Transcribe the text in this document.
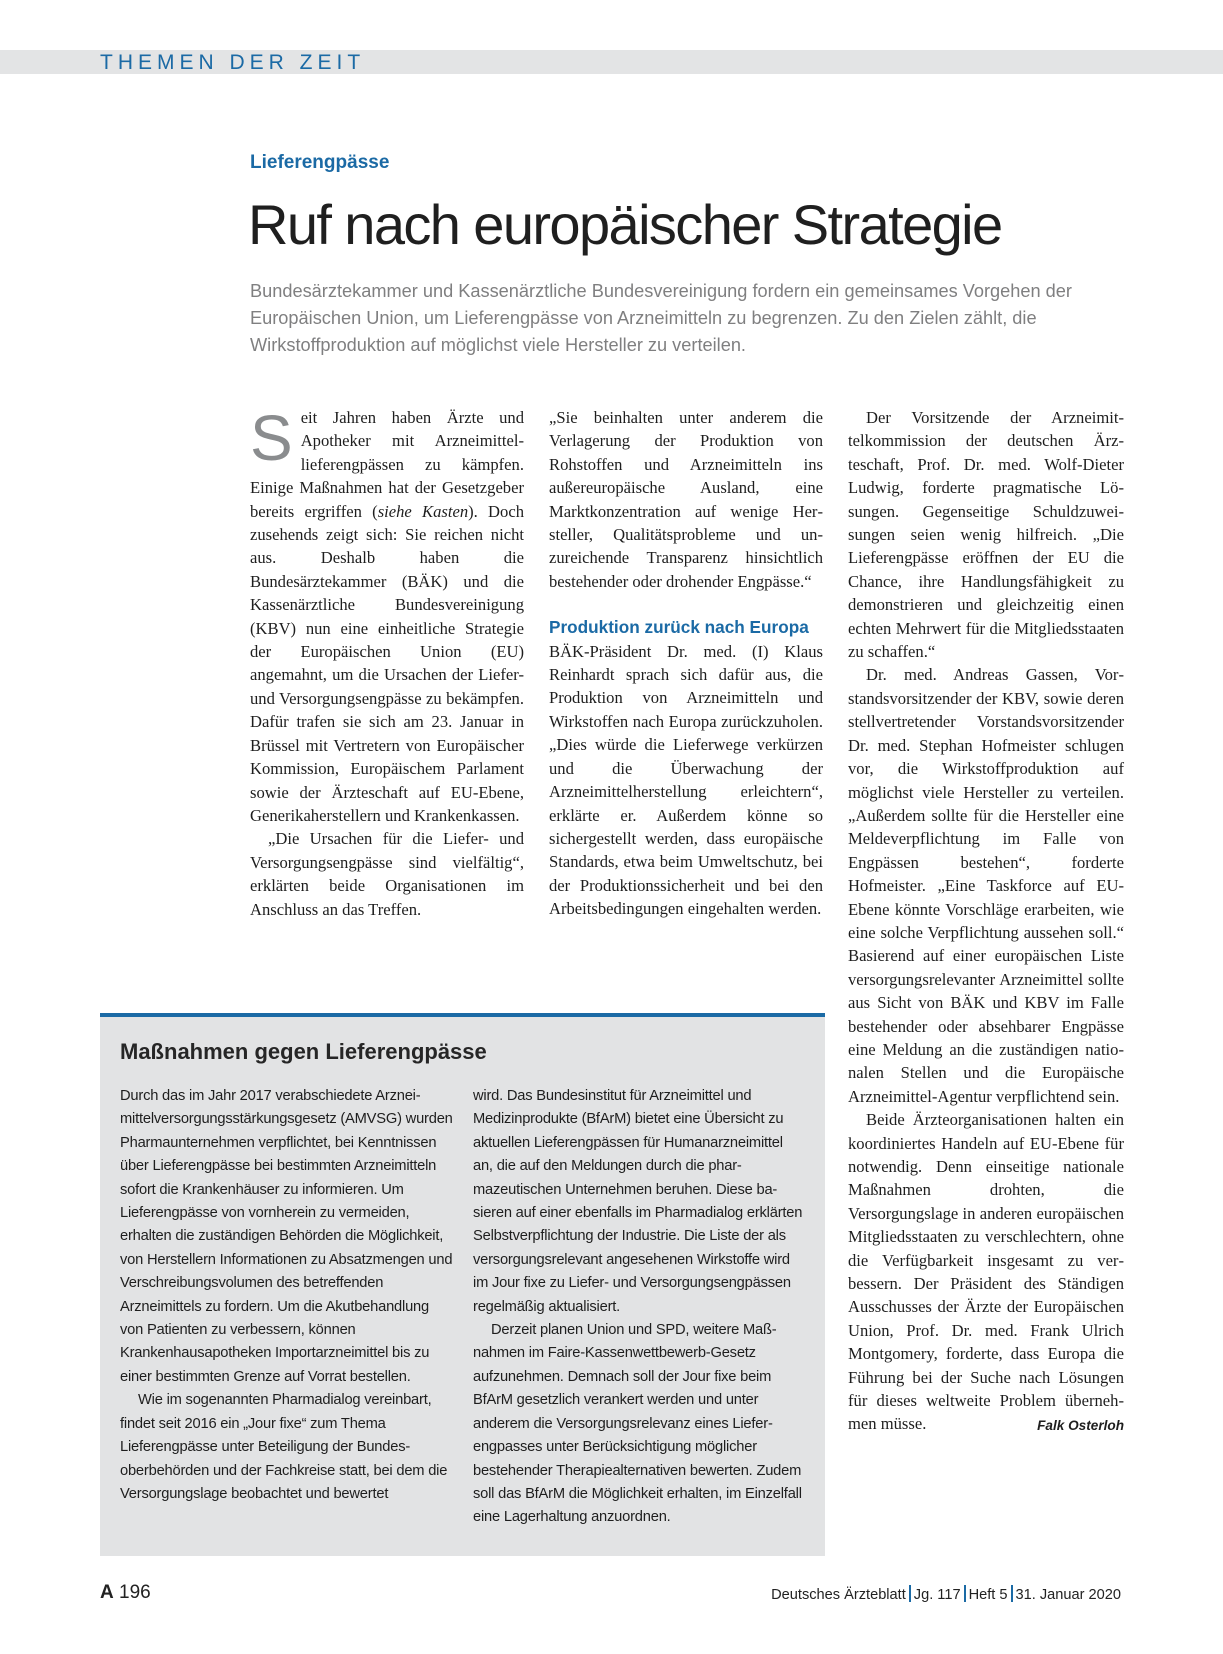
THEMEN DER ZEIT
Lieferengpässe
Ruf nach europäischer Strategie
Bundesärztekammer und Kassenärztliche Bundesvereinigung fordern ein gemeinsames Vorgehen der Europäischen Union, um Lieferengpässe von Arzneimitteln zu begrenzen. Zu den Zielen zählt, die Wirkstoffproduktion auf möglichst viele Hersteller zu verteilen.

Seit Jahren haben Ärzte und Apotheker mit Arzneimittellieferengpässen zu kämpfen. Einige Maßnahmen hat der Gesetzgeber bereits ergriffen (siehe Kasten). Doch zusehends zeigt sich: Sie reichen nicht aus. Deshalb haben die Bundesärztekammer (BÄK) und die Kassenärztliche Bundesvereinigung (KBV) nun eine einheitliche Strategie der Europäischen Union (EU) angemahnt, um die Ursachen der Liefer- und Versorgungsengpässe zu bekämpfen. Dafür trafen sie sich am 23. Januar in Brüssel mit Vertretern von Europäischer Kommission, Europäischem Parlament sowie der Ärzteschaft auf EU-Ebene, Generikaherstellern und Krankenkassen.

„Die Ursachen für die Liefer- und Versorgungsengpässe sind vielfältig“, erklärten beide Organisationen im Anschluss an das Treffen.

„Sie beinhalten unter anderem die Verlagerung der Produktion von Rohstoffen und Arzneimitteln ins außereuropäische Ausland, eine Marktkonzentration auf wenige Hersteller, Qualitätsprobleme und unzureichende Transparenz hinsichtlich bestehender oder drohender Engpässe.“

Produktion zurück nach Europa

BÄK-Präsident Dr. med. (I) Klaus Reinhardt sprach sich dafür aus, die Produktion von Arzneimitteln und Wirkstoffen nach Europa zurückzuholen. „Dies würde die Lieferwege verkürzen und die Überwachung der Arzneimittelherstellung erleichtern“, erklärte er. Außerdem könne so sichergestellt werden, dass europäische Standards, etwa beim Umweltschutz, bei der Produktionssicherheit und bei den Arbeitsbedingungen eingehalten werden.

Der Vorsitzende der Arzneimittelkommission der deutschen Ärzteschaft, Prof. Dr. med. Wolf-Dieter Ludwig, forderte pragmatische Lösungen. Gegenseitige Schuldzuweisungen seien wenig hilfreich. „Die Lieferengpässe eröffnen der EU die Chance, ihre Handlungsfähigkeit zu demonstrieren und gleichzeitig einen echten Mehrwert für die Mitgliedsstaaten zu schaffen.“

Dr. med. Andreas Gassen, Vorstandsvorsitzender der KBV, sowie deren stellvertretender Vorstandsvorsitzender Dr. med. Stephan Hofmeister schlugen vor, die Wirkstoffproduktion auf möglichst viele Hersteller zu verteilen. „Außerdem sollte für die Hersteller eine Meldeverpflichtung im Falle von Engpässen bestehen“, forderte Hofmeister. „Eine Taskforce auf EU-Ebene könnte Vorschläge erarbeiten, wie eine solche Verpflichtung aussehen soll.“ Basierend auf einer europäischen Liste versorgungsrelevanter Arzneimittel sollte aus Sicht von BÄK und KBV im Falle bestehender oder absehbarer Engpässe eine Meldung an die zuständigen nationalen Stellen und die Europäische Arzneimittel-Agentur verpflichtend sein.

Beide Ärzteorganisationen halten ein koordiniertes Handeln auf EU-Ebene für notwendig. Denn einseitige nationale Maßnahmen drohten, die Versorgungslage in anderen europäischen Mitgliedsstaaten zu verschlechtern, ohne die Verfügbarkeit insgesamt zu verbessern. Der Präsident des Ständigen Ausschusses der Ärzte der Europäischen Union, Prof. Dr. med. Frank Ulrich Montgomery, forderte, dass Europa die Führung bei der Suche nach Lösungen für dieses weltweite Problem übernehmen müsse.	Falk Osterloh

Maßnahmen gegen Lieferengpässe

Durch das im Jahr 2017 verabschiedete Arzneimittelversorgungsstärkungsgesetz (AMVSG) wurden Pharmaunternehmen verpflichtet, bei Kenntnissen über Lieferengpässe bei bestimmten Arzneimitteln sofort die Krankenhäuser zu informieren. Um Lieferengpässe von vornherein zu vermeiden, erhalten die zuständigen Behörden die Möglichkeit, von Herstellern Informationen zu Absatzmengen und Verschreibungsvolumen des betreffenden Arzneimittels zu fordern. Um die Akutbehandlung von Patienten zu verbessern, können Krankenhausapotheken Importarzneimittel bis zu einer bestimmten Grenze auf Vorrat bestellen.

Wie im sogenannten Pharmadialog vereinbart, findet seit 2016 ein „Jour fixe“ zum Thema Lieferengpässe unter Beteiligung der Bundesoberbehörden und der Fachkreise statt, bei dem die Versorgungslage beobachtet und bewertet

wird. Das Bundesinstitut für Arzneimittel und Medizinprodukte (BfArM) bietet eine Übersicht zu aktuellen Lieferengpässen für Humanarzneimittel an, die auf den Meldungen durch die pharmazeutischen Unternehmen beruhen. Diese basieren auf einer ebenfalls im Pharmadialog erklärten Selbstverpflichtung der Industrie. Die Liste der als versorgungsrelevant angesehenen Wirkstoffe wird im Jour fixe zu Liefer- und Versorgungsengpässen regelmäßig aktualisiert.

Derzeit planen Union und SPD, weitere Maßnahmen im Faire-Kassenwettbewerb-Gesetz aufzunehmen. Demnach soll der Jour fixe beim BfArM gesetzlich verankert werden und unter anderem die Versorgungsrelevanz eines Lieferengpasses unter Berücksichtigung möglicher bestehender Therapiealternativen bewerten. Zudem soll das BfArM die Möglichkeit erhalten, im Einzelfall eine Lagerhaltung anzuordnen.

A 196	Deutsches Ärzteblatt Jg. 117 Heft 5 31. Januar 2020
